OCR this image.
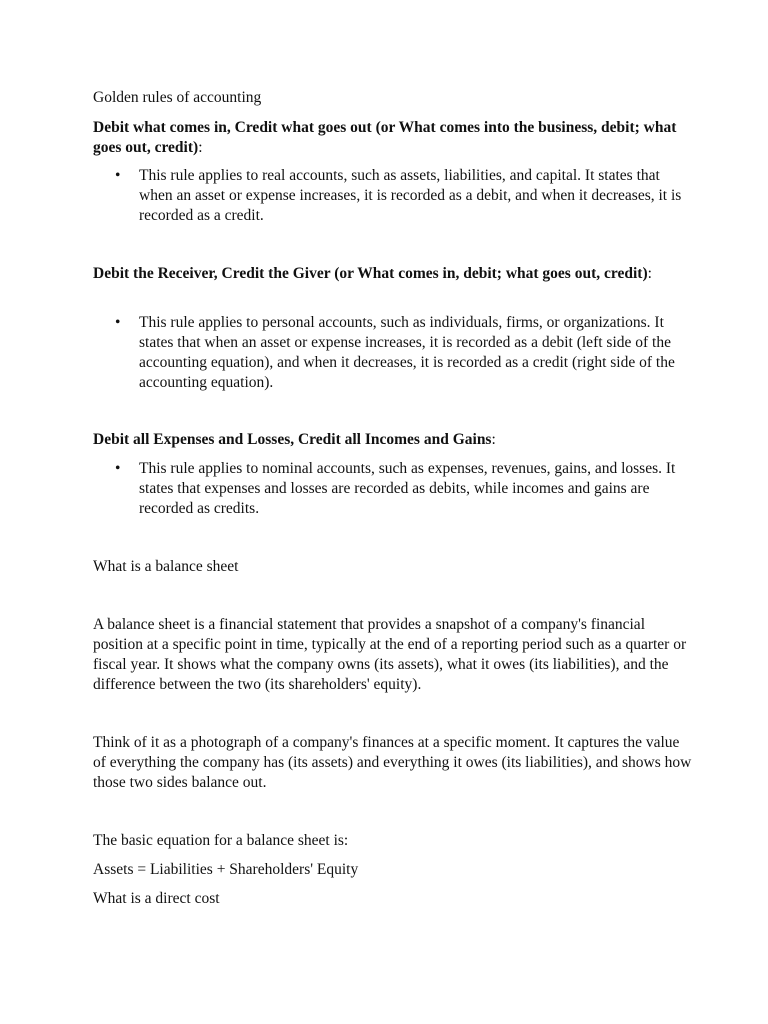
Golden rules of accounting

Debit what comes in, Credit what goes out (or What comes into the business, debit; what goes out, credit):

•	This rule applies to real accounts, such as assets, liabilities, and capital. It states that when an asset or expense increases, it is recorded as a debit, and when it decreases, it is recorded as a credit.

Debit the Receiver, Credit the Giver (or What comes in, debit; what goes out, credit):

•	This rule applies to personal accounts, such as individuals, firms, or organizations. It states that when an asset or expense increases, it is recorded as a debit (left side of the accounting equation), and when it decreases, it is recorded as a credit (right side of the accounting equation).

Debit all Expenses and Losses, Credit all Incomes and Gains:

•	This rule applies to nominal accounts, such as expenses, revenues, gains, and losses. It states that expenses and losses are recorded as debits, while incomes and gains are recorded as credits.

What is a balance sheet

A balance sheet is a financial statement that provides a snapshot of a company's financial position at a specific point in time, typically at the end of a reporting period such as a quarter or fiscal year. It shows what the company owns (its assets), what it owes (its liabilities), and the difference between the two (its shareholders' equity).

Think of it as a photograph of a company's finances at a specific moment. It captures the value of everything the company has (its assets) and everything it owes (its liabilities), and shows how those two sides balance out.

The basic equation for a balance sheet is:

Assets = Liabilities + Shareholders' Equity

What is a direct cost
